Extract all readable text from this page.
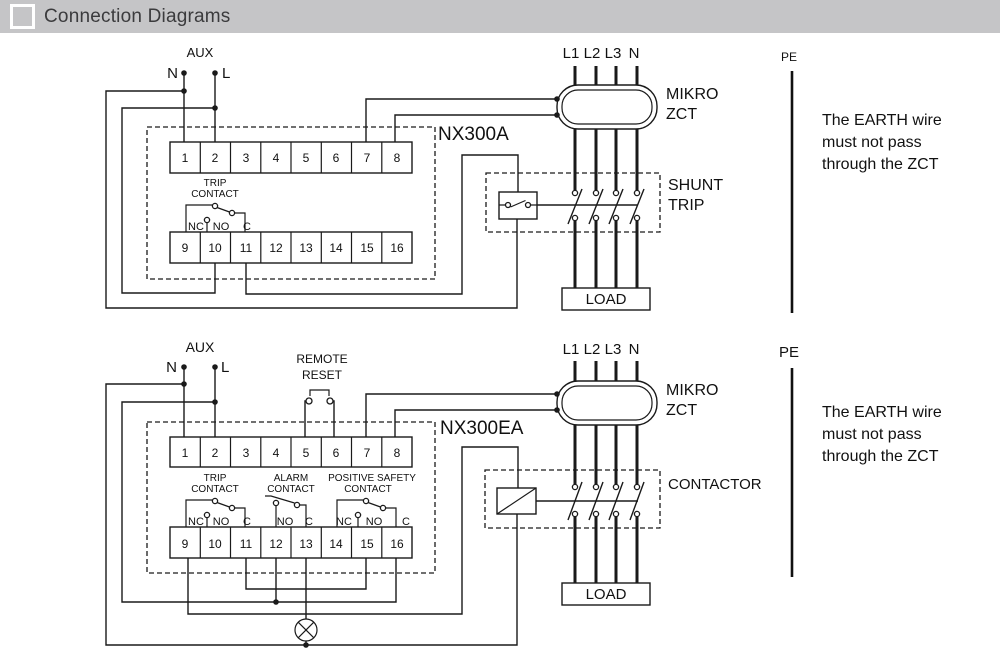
Connection Diagrams
AUX
N	L
NX300A
1 2 3 4 5 6 7 8
9 10 11 12 13 14 15 16
TRIP
CONTACT
NC NO C
L1 L2 L3 N
MIKRO
ZCT
SHUNT
TRIP
LOAD
PE
The EARTH wire
must not pass
through the ZCT
AUX
N	L	REMOTE
RESET
NX300EA
1 2 3 4 5 6 7 8
9 10 11 12 13 14 15 16
TRIP
CONTACT
NC NO C
ALARM
CONTACT
NO C
POSITIVE SAFETY
CONTACT
NC NO C
L1 L2 L3 N
MIKRO
ZCT
CONTACTOR
LOAD
PE
The EARTH wire
must not pass
through the ZCT
